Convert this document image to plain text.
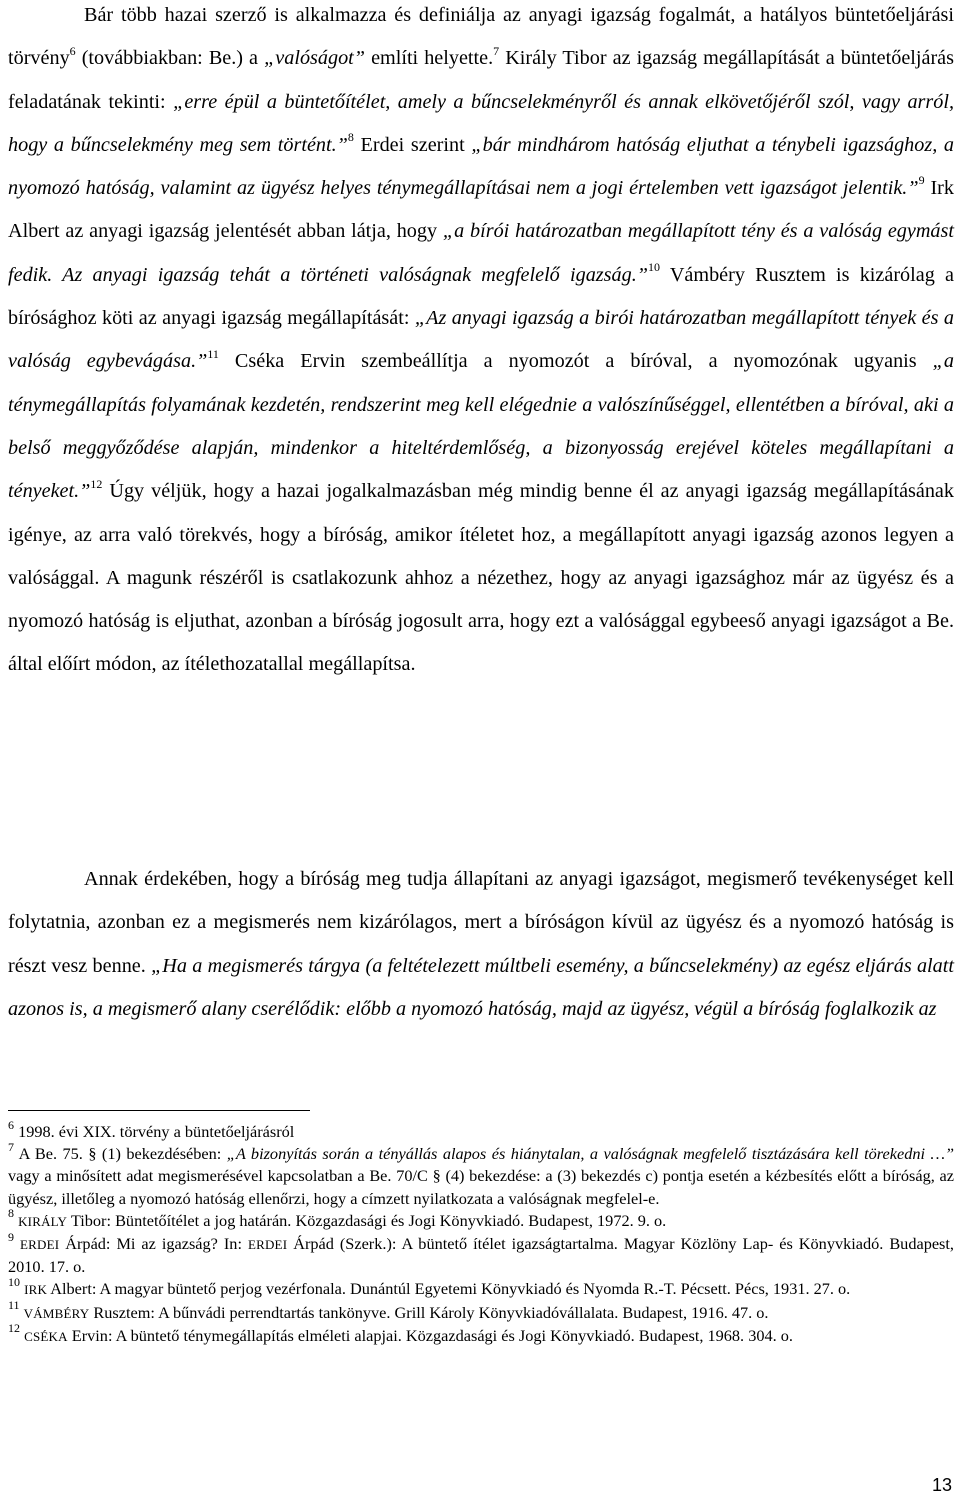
Bár több hazai szerző is alkalmazza és definiálja az anyagi igazság fogalmát, a hatályos büntetőeljárási törvény$^6$ (továbbiakban: Be.) a „valóságot” említi helyette.$^7$ Király Tibor az igazság megállapítását a büntetőeljárás feladatának tekinti: „erre épül a büntetőítélet, amely a bűncselekményről és annak elkövetőjéről szól, vagy arról, hogy a bűncselekmény meg sem történt.”$^8$ Erdei szerint „bár mindhárom hatóság eljuthat a ténybeli igazsághoz, a nyomozó hatóság, valamint az ügyész helyes ténymegállapításai nem a jogi értelemben vett igazságot jelentik.”$^9$ Irk Albert az anyagi igazság jelentését abban látja, hogy „a bírói határozatban megállapított tény és a valóság egymást fedik. Az anyagi igazság tehát a történeti valóságnak megfelelő igazság.”$^{10}$ Vámbéry Rusztem is kizárólag a bírósághoz köti az anyagi igazság megállapítását: „Az anyagi igazság a birói határozatban megállapított tények és a valóság egybevágása.”$^{11}$ Cséka Ervin szembeállítja a nyomozót a bíróval, a nyomozónak ugyanis „a ténymegállapítás folyamának kezdetén, rendszerint meg kell elégednie a valószínűséggel, ellentétben a bíróval, aki a belső meggyőződése alapján, mindenkor a hiteltérdemlőség, a bizonyosság erejével köteles megállapítani a tényeket.”$^{12}$ Úgy véljük, hogy a hazai jogalkalmazásban még mindig benne él az anyagi igazság megállapításának igénye, az arra való törekvés, hogy a bíróság, amikor ítéletet hoz, a megállapított anyagi igazság azonos legyen a valósággal. A magunk részéről is csatlakozunk ahhoz a nézethez, hogy az anyagi igazsághoz már az ügyész és a nyomozó hatóság is eljuthat, azonban a bíróság jogosult arra, hogy ezt a valósággal egybeeső anyagi igazságot a Be. által előírt módon, az ítélethozatallal megállapítsa.

Annak érdekében, hogy a bíróság meg tudja állapítani az anyagi igazságot, megismerő tevékenységet kell folytatnia, azonban ez a megismerés nem kizárólagos, mert a bíróságon kívül az ügyész és a nyomozó hatóság is részt vesz benne. „Ha a megismerés tárgya (a feltételezett múltbeli esemény, a bűncselekmény) az egész eljárás alatt azonos is, a megismerő alany cserélődik: előbb a nyomozó hatóság, majd az ügyész, végül a bíróság foglalkozik az

$^6$ 1998. évi XIX. törvény a büntetőeljárásról

$^7$ A Be. 75. § (1) bekezdésében: „A bizonyítás során a tényállás alapos és hiánytalan, a valóságnak megfelelő tisztázására kell törekedni …” vagy a minősített adat megismerésével kapcsolatban a Be. 70/C § (4) bekezdése: a (3) bekezdés c) pontja esetén a kézbesítés előtt a bíróság, az ügyész, illetőleg a nyomozó hatóság ellenőrzi, hogy a címzett nyilatkozata a valóságnak megfelel-e.

$^8$ KIRÁLY Tibor: Büntetőítélet a jog határán. Közgazdasági és Jogi Könyvkiadó. Budapest, 1972. 9. o.

$^9$ ERDEI Árpád: Mi az igazság? In: ERDEI Árpád (Szerk.): A büntető ítélet igazságtartalma. Magyar Közlöny Lap- és Könyvkiadó. Budapest, 2010. 17. o.

$^{10}$ IRK Albert: A magyar büntető perjog vezérfonala. Dunántúl Egyetemi Könyvkiadó és Nyomda R.-T. Pécsett. Pécs, 1931. 27. o.

$^{11}$ VÁMBÉRY Rusztem: A bűnvádi perrendtartás tankönyve. Grill Károly Könyvkiadóvállalata. Budapest, 1916. 47. o.

$^{12}$ CSÉKA Ervin: A büntető ténymegállapítás elméleti alapjai. Közgazdasági és Jogi Könyvkiadó. Budapest, 1968. 304. o.

13
